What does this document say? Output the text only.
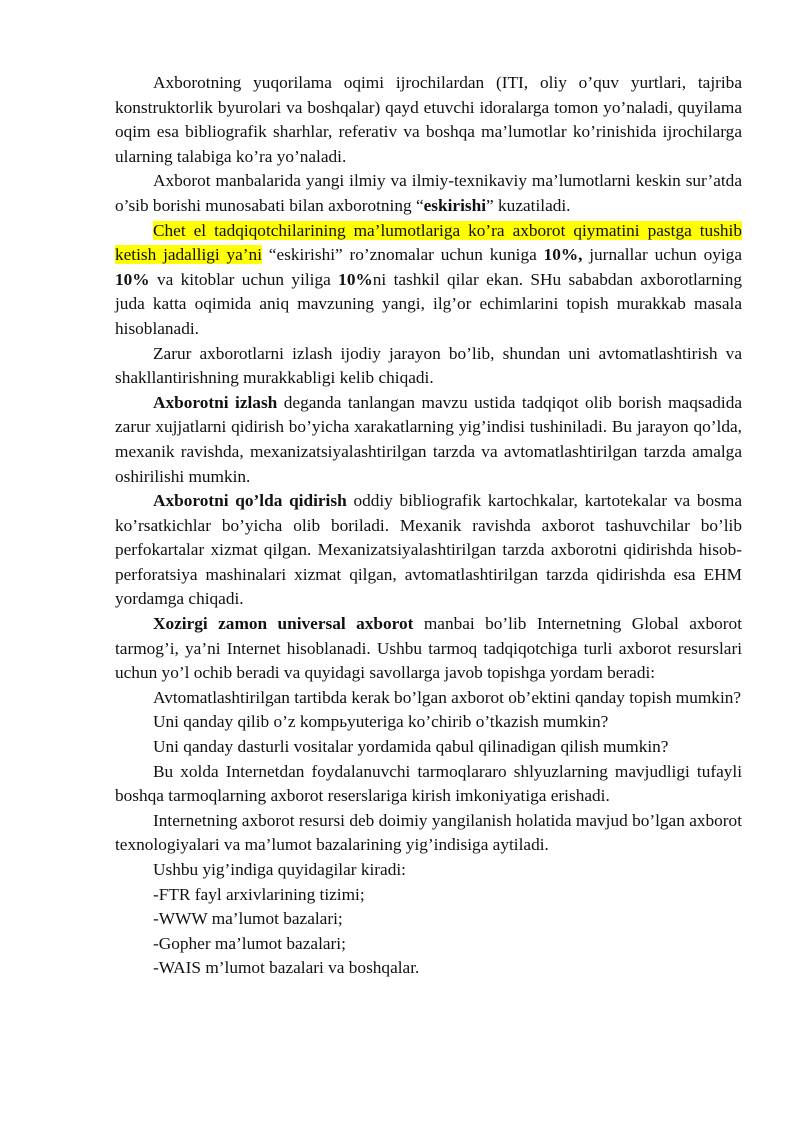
Axborotning yuqorilama oqimi ijrochilardan (ITI, oliy o’quv yurtlari, tajriba konstruktorlik byurolari va boshqalar) qayd etuvchi idoralarga tomon yo’naladi, quyilama oqim esa bibliografik sharhlar, referativ va boshqa ma’lumotlar ko’rinishida ijrochilarga ularning talabiga ko’ra yo’naladi.

Axborot manbalarida yangi ilmiy va ilmiy-texnikaviy ma’lumotlarni keskin sur’atda o’sib borishi munosabati bilan axborotning “eskirishi” kuzatiladi.

Chet el tadqiqotchilarining ma’lumotlariga ko’ra axborot qiymatini pastga tushib ketish jadalligi ya’ni “eskirishi” ro’znomalar uchun kuniga 10%, jurnallar uchun oyiga 10% va kitoblar uchun yiliga 10%ni tashkil qilar ekan. SHu sababdan axborotlarning juda katta oqimida aniq mavzuning yangi, ilg’or echimlarini topish murakkab masala hisoblanadi.

Zarur axborotlarni izlash ijodiy jarayon bo’lib, shundan uni avtomatlashtirish va shakllantirishning murakkabligi kelib chiqadi.

Axborotni izlash deganda tanlangan mavzu ustida tadqiqot olib borish maqsadida zarur xujjatlarni qidirish bo’yicha xarakatlarning yig’indisi tushiniladi. Bu jarayon qo’lda, mexanik ravishda, mexanizatsiyalashtirilgan tarzda va avtomatlashtirilgan tarzda amalga oshirilishi mumkin.

Axborotni qo’lda qidirish oddiy bibliografik kartochkalar, kartotekalar va bosma ko’rsatkichlar bo’yicha olib boriladi. Mexanik ravishda axborot tashuvchilar bo’lib perfokartalar xizmat qilgan. Mexanizatsiyalashtirilgan tarzda axborotni qidirishda hisob-perforatsiya mashinalari xizmat qilgan, avtomatlashtirilgan tarzda qidirishda esa EHM yordamga chiqadi.

Xozirgi zamon universal axborot manbai bo’lib Internetning Global axborot tarmog’i, ya’ni Internet hisoblanadi. Ushbu tarmoq tadqiqotchiga turli axborot resurslari uchun yo’l ochib beradi va quyidagi savollarga javob topishga yordam beradi:

Avtomatlashtirilgan tartibda kerak bo’lgan axborot ob’ektini qanday topish mumkin?

Uni qanday qilib o’z kompьyuteriga ko’chirib o’tkazish mumkin?

Uni qanday dasturli vositalar yordamida qabul qilinadigan qilish mumkin?

Bu xolda Internetdan foydalanuvchi tarmoqlararo shlyuzlarning mavjudligi tufayli boshqa tarmoqlarning axborot reserslariga kirish imkoniyatiga erishadi.

Internetning axborot resursi deb doimiy yangilanish holatida mavjud bo’lgan axborot texnologiyalari va ma’lumot bazalarining yig’indisiga aytiladi.

Ushbu yig’indiga quyidagilar kiradi:

-FTR fayl arxivlarining tizimi;

-WWW ma’lumot bazalari;

-Gopher ma’lumot bazalari;

-WAIS m’lumot bazalari va boshqalar.
